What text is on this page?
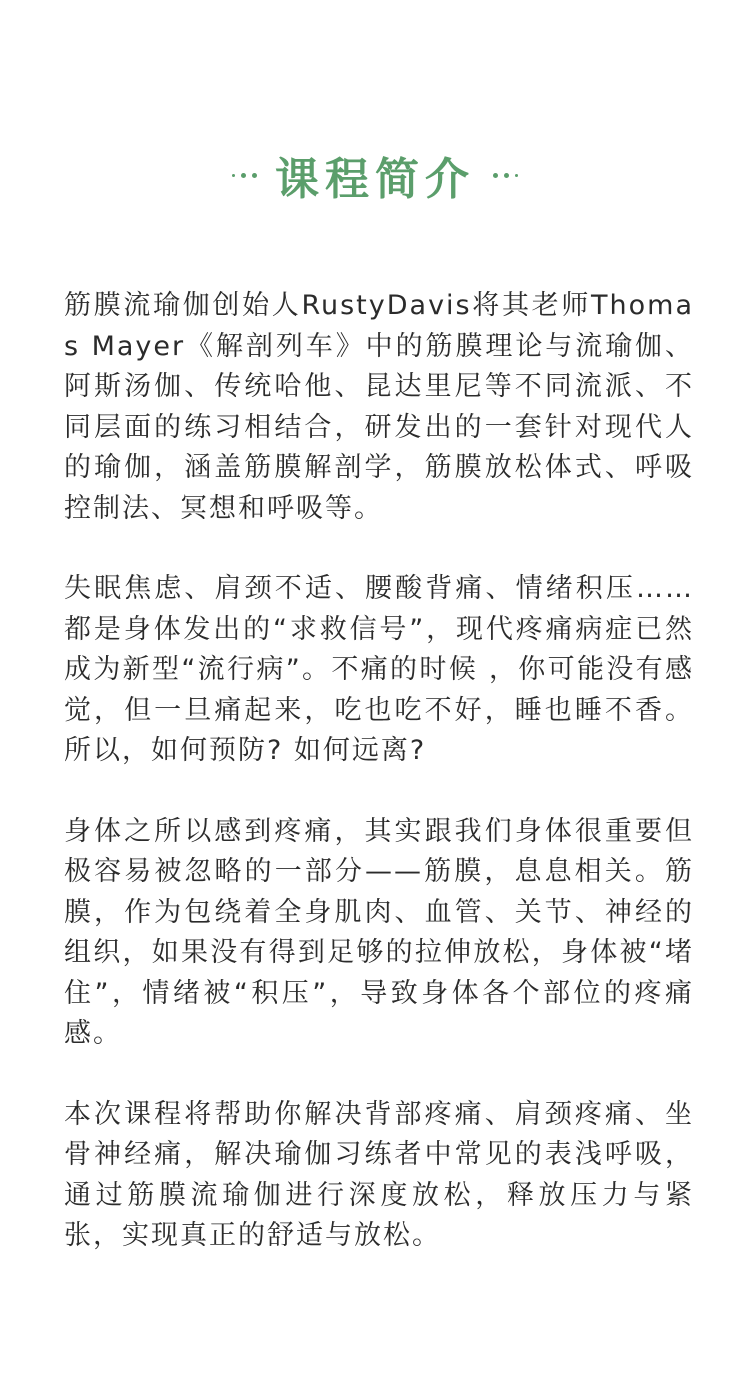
课程简介

筋膜流瑜伽创始人RustyDavis将其老师Thomas Mayer《解剖列车》中的筋膜理论与流瑜伽、阿斯汤伽、传统哈他、昆达里尼等不同流派、不同层面的练习相结合，研发出的一套针对现代人的瑜伽，涵盖筋膜解剖学，筋膜放松体式、呼吸控制法、冥想和呼吸等。

失眠焦虑、肩颈不适、腰酸背痛、情绪积压……都是身体发出的“求救信号”，现代疼痛病症已然成为新型“流行病”。不痛的时候 ，你可能没有感觉，但一旦痛起来，吃也吃不好，睡也睡不香。所以，如何预防? 如何远离?

身体之所以感到疼痛，其实跟我们身体很重要但极容易被忽略的一部分——筋膜，息息相关。筋膜，作为包绕着全身肌肉、血管、关节、神经的组织，如果没有得到足够的拉伸放松，身体被“堵住”，情绪被“积压”，导致身体各个部位的疼痛感。

本次课程将帮助你解决背部疼痛、肩颈疼痛、坐骨神经痛，解决瑜伽习练者中常见的表浅呼吸，通过筋膜流瑜伽进行深度放松，释放压力与紧张，实现真正的舒适与放松。
